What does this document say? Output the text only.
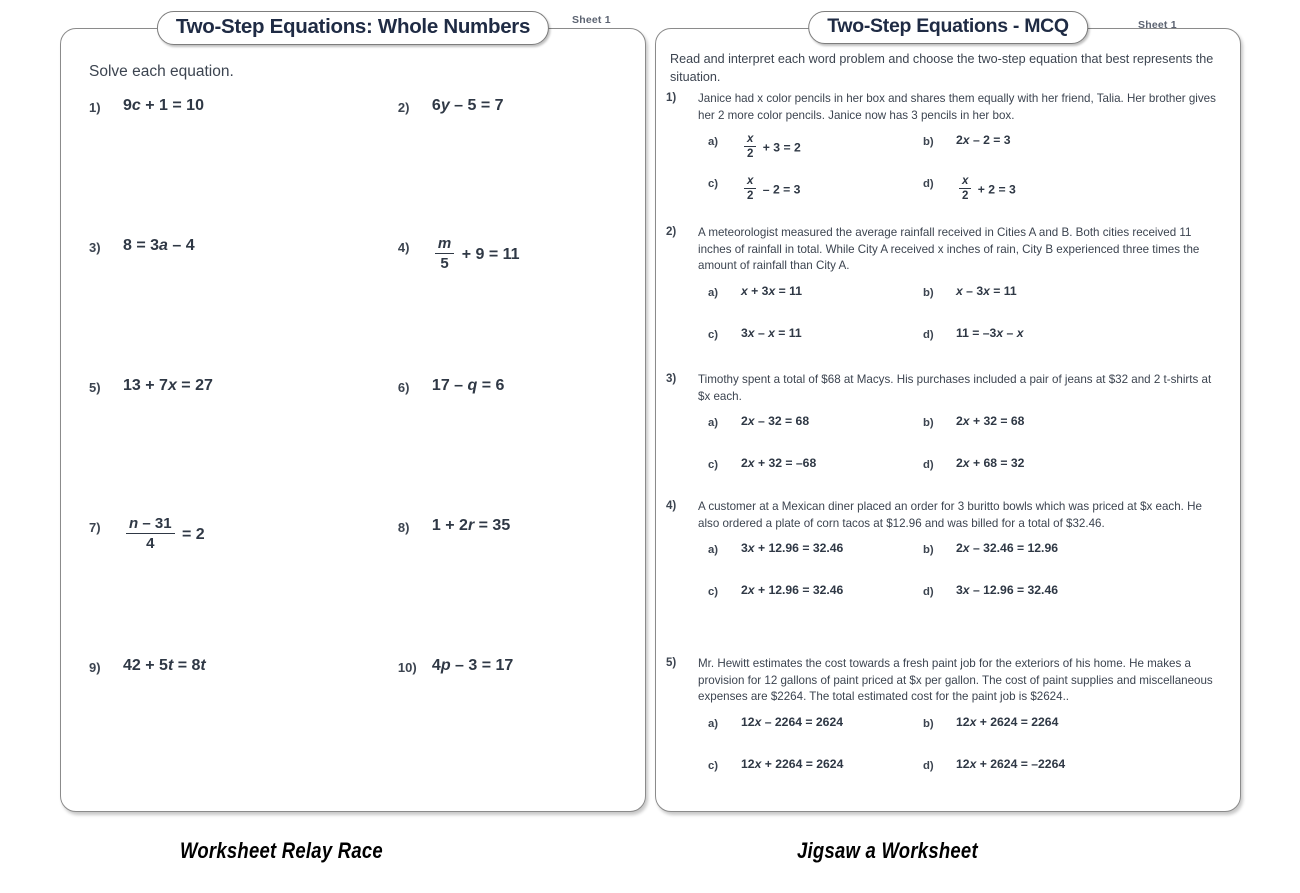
Two-Step Equations: Whole Numbers
Solve each equation.
1)	9c + 1 = 10	2)	6y – 5 = 7
3)	8 = 3a – 4	4)	$\frac{m}{5} + 9 = 11$
5)	13 + 7x = 27	6)	17 – q = 6
7)	$\frac{n - 31}{4} = 2$	8)	1 + 2r = 35
9)	42 + 5t = 8t	10) 4p – 3 = 17
Sheet 1	Two-Step Equations - MCQ
Read and interpret each word problem and choose the two-step equation that best represents the situation.
1)	Janice had x color pencils in her box and shares them equally with her friend, Talia. Her brother gives her 2 more color pencils. Janice now has 3 pencils in her box.
a)	$\frac{x}{2} + 3 = 2$	b)	2x – 2 = 3
c)	$\frac{x}{2} - 2 = 3$	d)	$\frac{x}{2} + 2 = 3$
2)	A meteorologist measured the average rainfall received in Cities A and B. Both cities received 11 inches of rainfall in total. While City A received x inches of rain, City B experienced three times the amount of rainfall than City A.
a)	x + 3x = 11	b)	x – 3x = 11
c)	3x – x = 11	d)	11 = –3x – x
3)	Timothy spent a total of $68 at Macys. His purchases included a pair of jeans at $32 and 2 t-shirts at $x each.
a)	2x – 32 = 68	b)	2x + 32 = 68
c)	2x + 32 = –68	d)	2x + 68 = 32
4)	A customer at a Mexican diner placed an order for 3 buritto bowls which was priced at $x each. He also ordered a plate of corn tacos at $12.96 and was billed for a total of $32.46.
a)	3x + 12.96 = 32.46	b)	2x – 32.46 = 12.96
c)	2x + 12.96 = 32.46	d)	3x – 12.96 = 32.46
5)	Mr. Hewitt estimates the cost towards a fresh paint job for the exteriors of his home. He makes a provision for 12 gallons of paint priced at $x per gallon. The cost of paint supplies and miscellaneous expenses are $2264. The total estimated cost for the paint job is $2624..
a)	12x – 2264 = 2624	b)	12x + 2624 = 2264
c)	12x + 2264 = 2624	d)	12x + 2624 = –2264
Sheet 1
Worksheet Relay Race	Jigsaw a Worksheet
